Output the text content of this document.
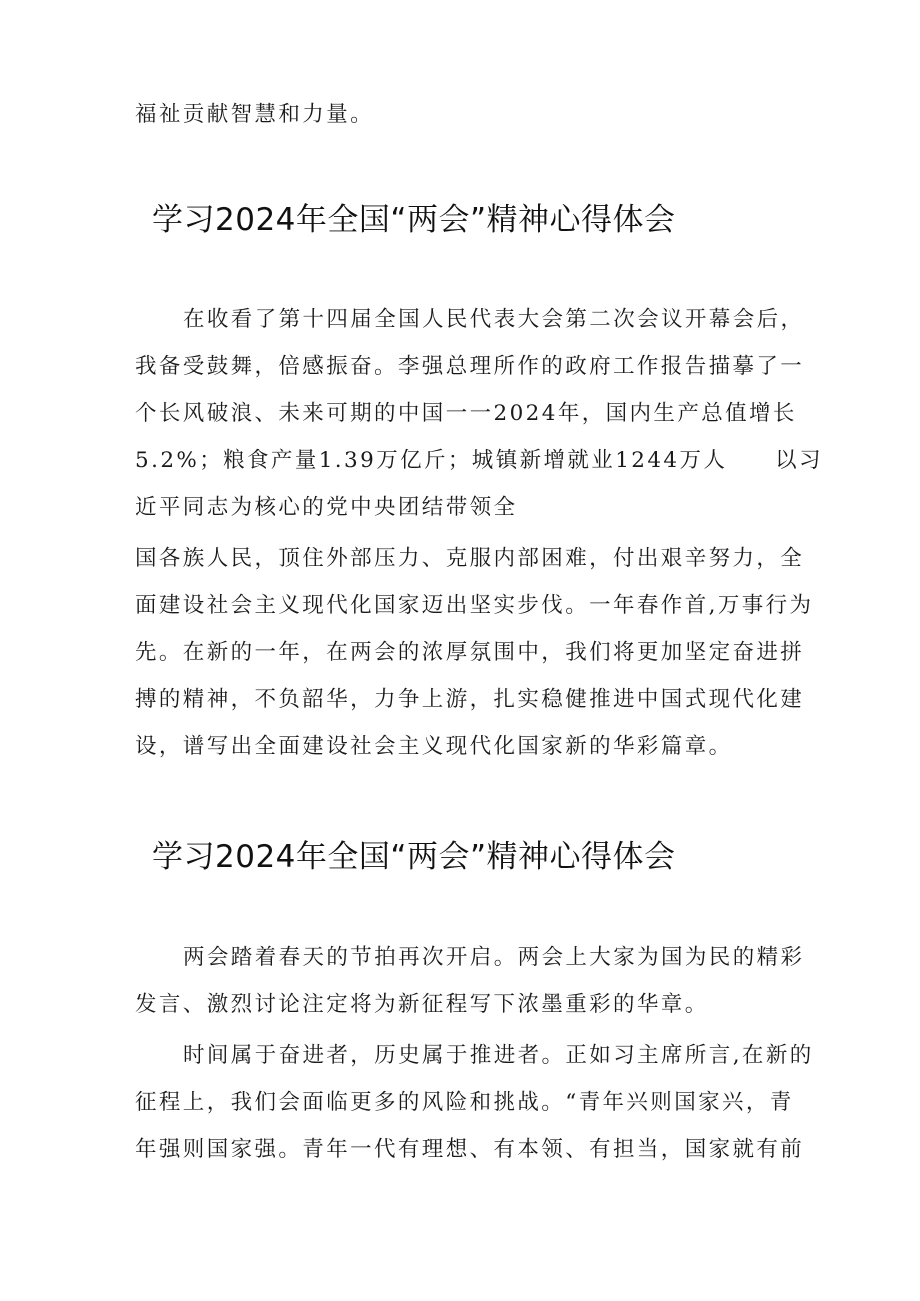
福祉贡献智慧和力量。
学习2024年全国“两会”精神心得体会
在收看了第十四届全国人民代表大会第二次会议开幕会后，
我备受鼓舞，倍感振奋。李强总理所作的政府工作报告描摹了一
个长风破浪、未来可期的中国一一2024年，国内生产总值增长
5.2%；粮食产量1.39万亿斤；城镇新增就业1244万人　　以习
近平同志为核心的党中央团结带领全
国各族人民，顶住外部压力、克服内部困难，付出艰辛努力，全
面建设社会主义现代化国家迈出坚实步伐。一年春作首,万事行为
先。在新的一年，在两会的浓厚氛围中，我们将更加坚定奋进拼
搏的精神，不负韶华，力争上游，扎实稳健推进中国式现代化建
设，谱写出全面建设社会主义现代化国家新的华彩篇章。
学习2024年全国“两会”精神心得体会
两会踏着春天的节拍再次开启。两会上大家为国为民的精彩
发言、激烈讨论注定将为新征程写下浓墨重彩的华章。
时间属于奋进者，历史属于推进者。正如习主席所言,在新的
征程上，我们会面临更多的风险和挑战。“青年兴则国家兴，青
年强则国家强。青年一代有理想、有本领、有担当，国家就有前
